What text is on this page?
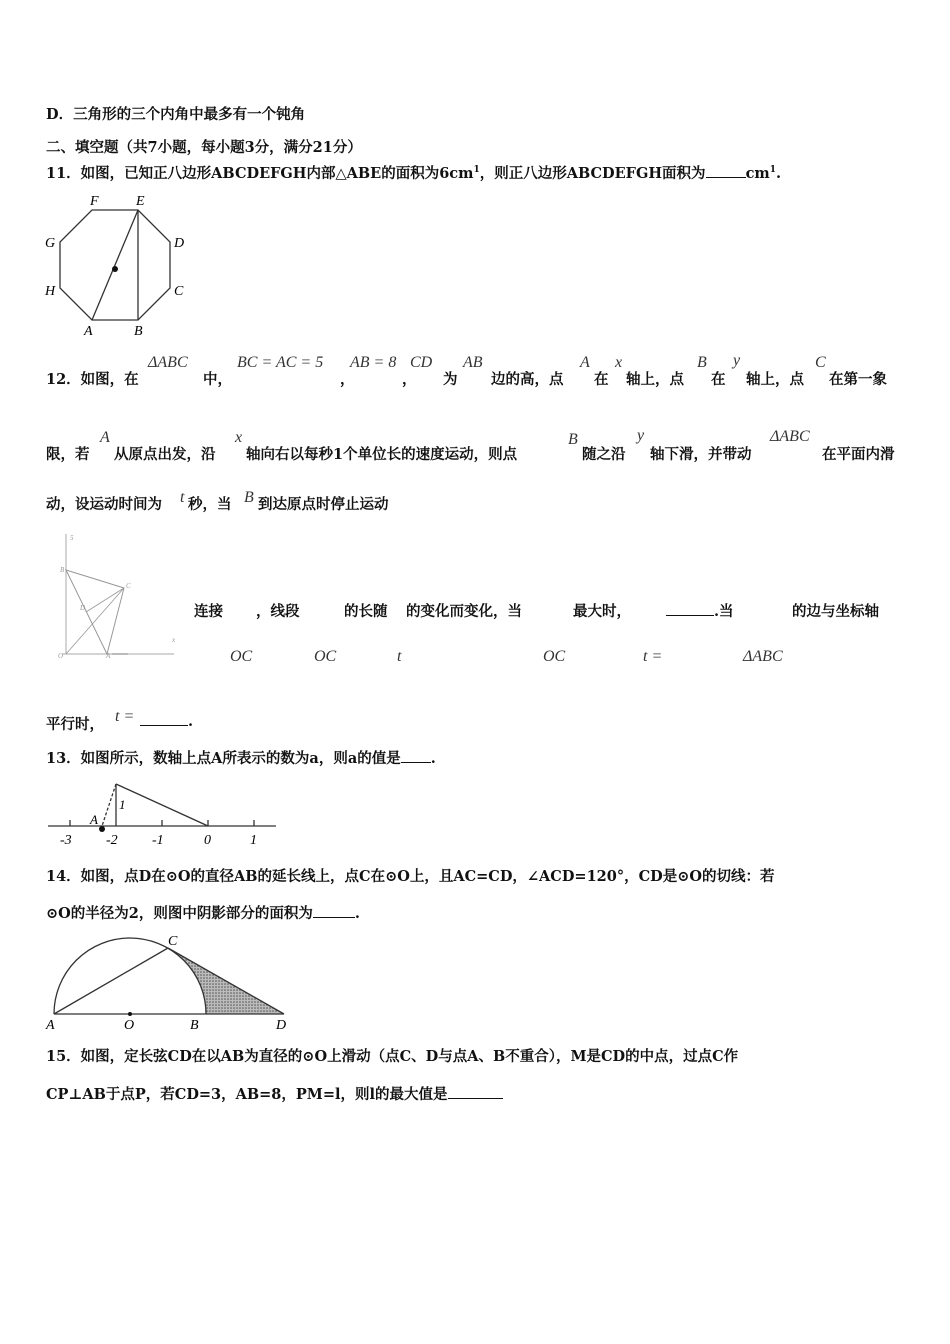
D．三角形的三个内角中最多有一个钝角
二、填空题（共7小题，每小题3分，满分21分）
11．如图，已知正八边形ABCDEFGH内部△ABE的面积为$6cm^1$，则正八边形ABCDEFGH面积为	$cm^1$.
F	E
G	D
H	C
A	B
12．如图，在
ΔABC
中，
BC = AC = 5
，
AB = 8
，
CD
为
AB
边的高，点
A
在
x
轴上，点
B
在
y
轴上，点
C
在第一象
限，若
A
从原点出发，沿
x
轴向右以每秒1个单位长的速度运动，则点
B
随之沿
y
轴下滑，并带动
ΔABC
在平面内滑
动，设运动时间为 t 秒，当 B 到达原点时停止运动
5
B
C
D
O	A
x
连接 ，线段	的长随 的变化而变化，当	最大时，	.当	的边与坐标轴
OC	OC	t	OC	t =	ΔABC
平行时， t =	.
13．如图所示，数轴上点A所表示的数为a，则a的值是 .
A
1
-3 -2 -1	0	1
14．如图，点D在⊙O的直径AB的延长线上，点C在⊙O上，且AC=CD，∠ACD=120°，CD是⊙O的切线：若
⊙O的半径为2，则图中阴影部分的面积为	.
C
A	O	B	D
15．如图，定长弦CD在以AB为直径的⊙O上滑动（点C、D与点A、B不重合），M是CD的中点，过点C作
CP⊥AB于点P，若CD=3，AB=8，PM=l，则l的最大值是
